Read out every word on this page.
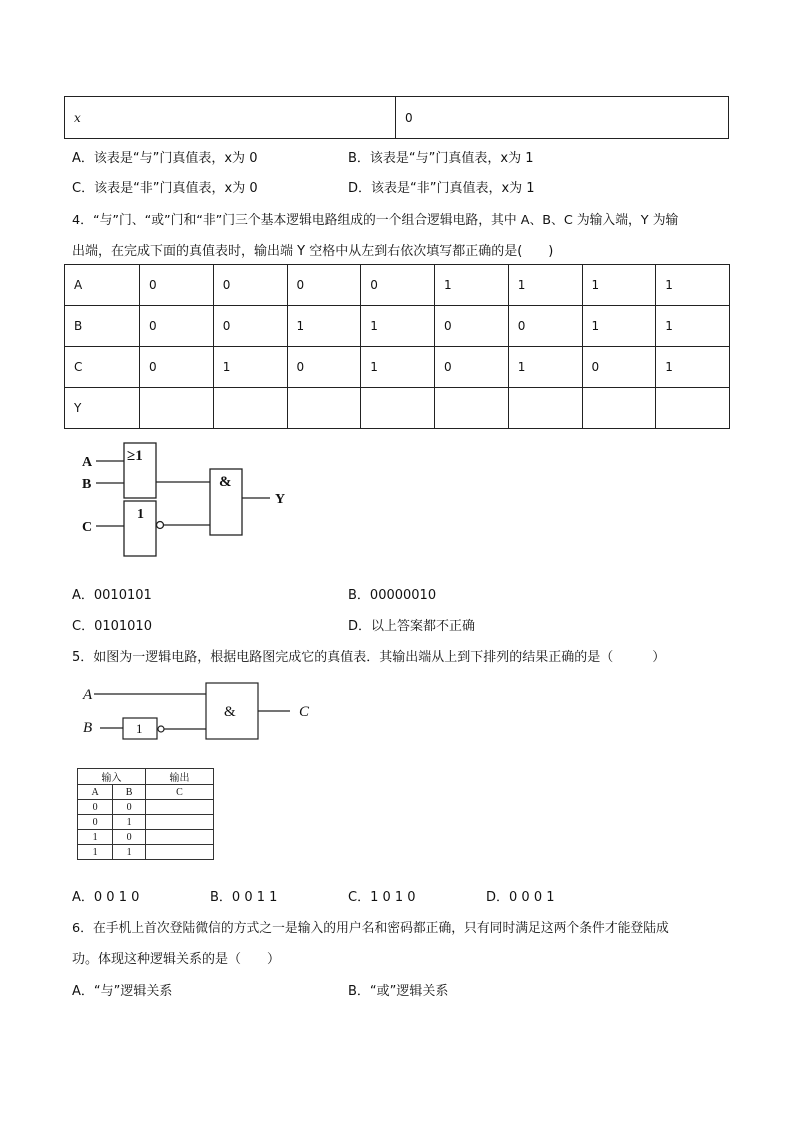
x	0
A．该表是“与”门真值表，x为 0	B．该表是“与”门真值表，x为 1
C．该表是“非”门真值表，x为 0	D．该表是“非”门真值表，x为 1
4．“与”门、“或”门和“非”门三个基本逻辑电路组成的一个组合逻辑电路，其中 A、B、C 为输入端，Y 为输
出端，在完成下面的真值表时，输出端 Y 空格中从左到右依次填写都正确的是(　　)
A	0	0	0	0	1	1	1	1
B	0	0	1	1	0	0	1	1
C	0	1	0	1	0	1	0	1
Y								
A
B
C
≥1
1
&
Y
A．0010101	B．00000010
C．0101010	D．以上答案都不正确
5．如图为一逻辑电路，根据电路图完成它的真值表．其输出端从上到下排列的结果正确的是（　　　）
A
B
C
1
&
输入		输出
A	B	C
0	0	
0	1	
1	0	
1	1	
A．0 0 1 0	B．0 0 1 1	C．1 0 1 0	D．0 0 0 1
6．在手机上首次登陆微信的方式之一是输入的用户名和密码都正确，只有同时满足这两个条件才能登陆成
功。体现这种逻辑关系的是（　　）
A．“与”逻辑关系	B．“或”逻辑关系
